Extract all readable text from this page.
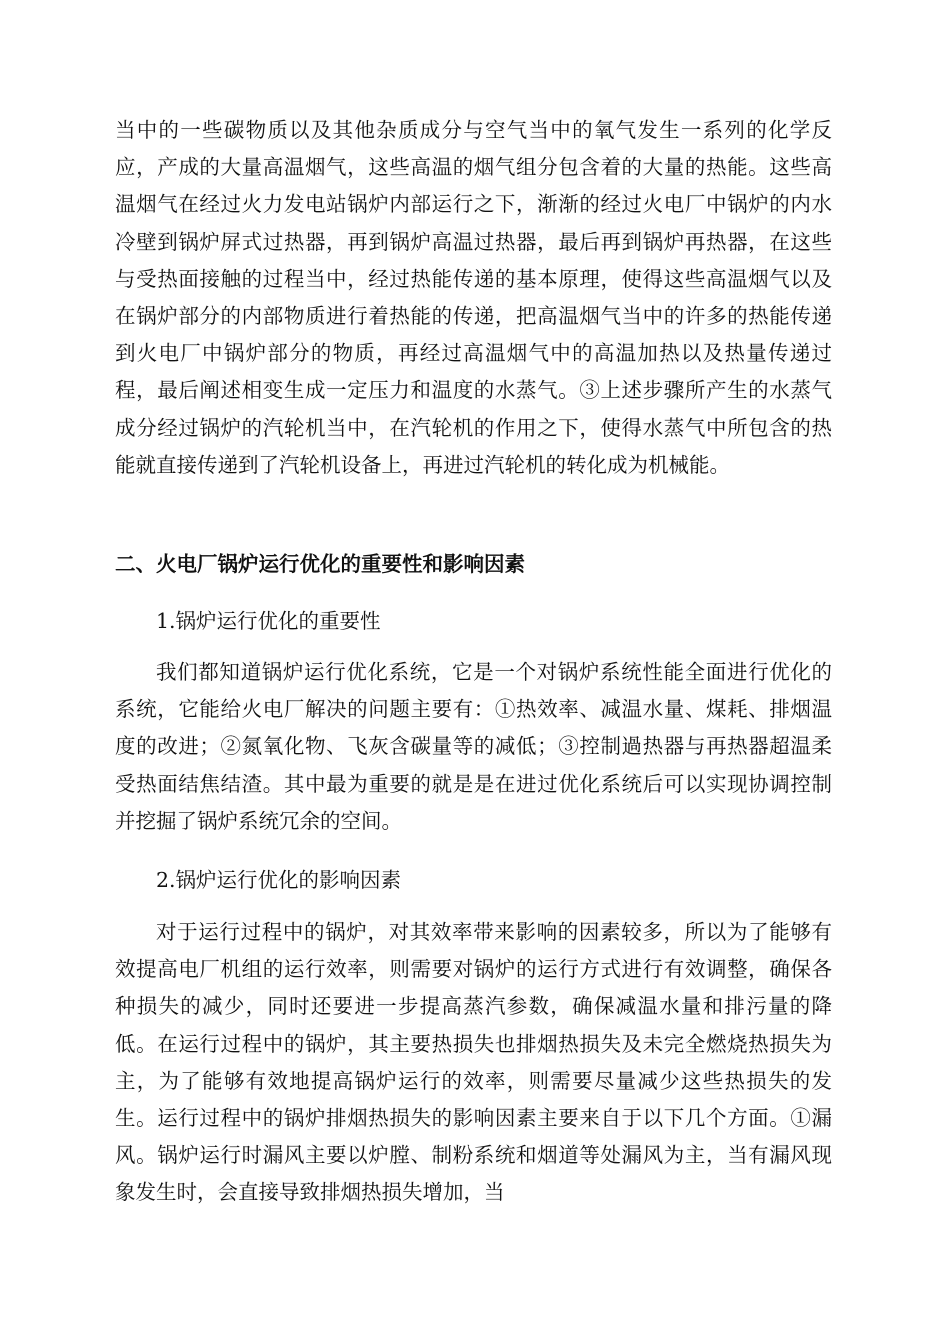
当中的一些碳物质以及其他杂质成分与空气当中的氧气发生一系列的化学反应，产成的大量高温烟气，这些高温的烟气组分包含着的大量的热能。这些高温烟气在经过火力发电站锅炉内部运行之下，渐渐的经过火电厂中锅炉的内水冷壁到锅炉屏式过热器，再到锅炉高温过热器，最后再到锅炉再热器，在这些与受热面接触的过程当中，经过热能传递的基本原理，使得这些高温烟气以及在锅炉部分的内部物质进行着热能的传递，把高温烟气当中的许多的热能传递到火电厂中锅炉部分的物质，再经过高温烟气中的高温加热以及热量传递过程，最后阐述相变生成一定压力和温度的水蒸气。③上述步骤所产生的水蒸气成分经过锅炉的汽轮机当中，在汽轮机的作用之下，使得水蒸气中所包含的热能就直接传递到了汽轮机设备上，再进过汽轮机的转化成为机械能。

二、火电厂锅炉运行优化的重要性和影响因素

1.锅炉运行优化的重要性

我们都知道锅炉运行优化系统，它是一个对锅炉系统性能全面进行优化的系统，它能给火电厂解决的问题主要有：①热效率、减温水量、煤耗、排烟温度的改进；②氮氧化物、飞灰含碳量等的减低；③控制過热器与再热器超温柔受热面结焦结渣。其中最为重要的就是是在进过优化系统后可以实现协调控制并挖掘了锅炉系统冗余的空间。

2.锅炉运行优化的影响因素

对于运行过程中的锅炉，对其效率带来影响的因素较多，所以为了能够有效提高电厂机组的运行效率，则需要对锅炉的运行方式进行有效调整，确保各种损失的减少，同时还要进一步提高蒸汽参数，确保减温水量和排污量的降低。在运行过程中的锅炉，其主要热损失也排烟热损失及未完全燃烧热损失为主，为了能够有效地提高锅炉运行的效率，则需要尽量减少这些热损失的发生。运行过程中的锅炉排烟热损失的影响因素主要来自于以下几个方面。①漏风。锅炉运行时漏风主要以炉膛、制粉系统和烟道等处漏风为主，当有漏风现象发生时，会直接导致排烟热损失增加，当
